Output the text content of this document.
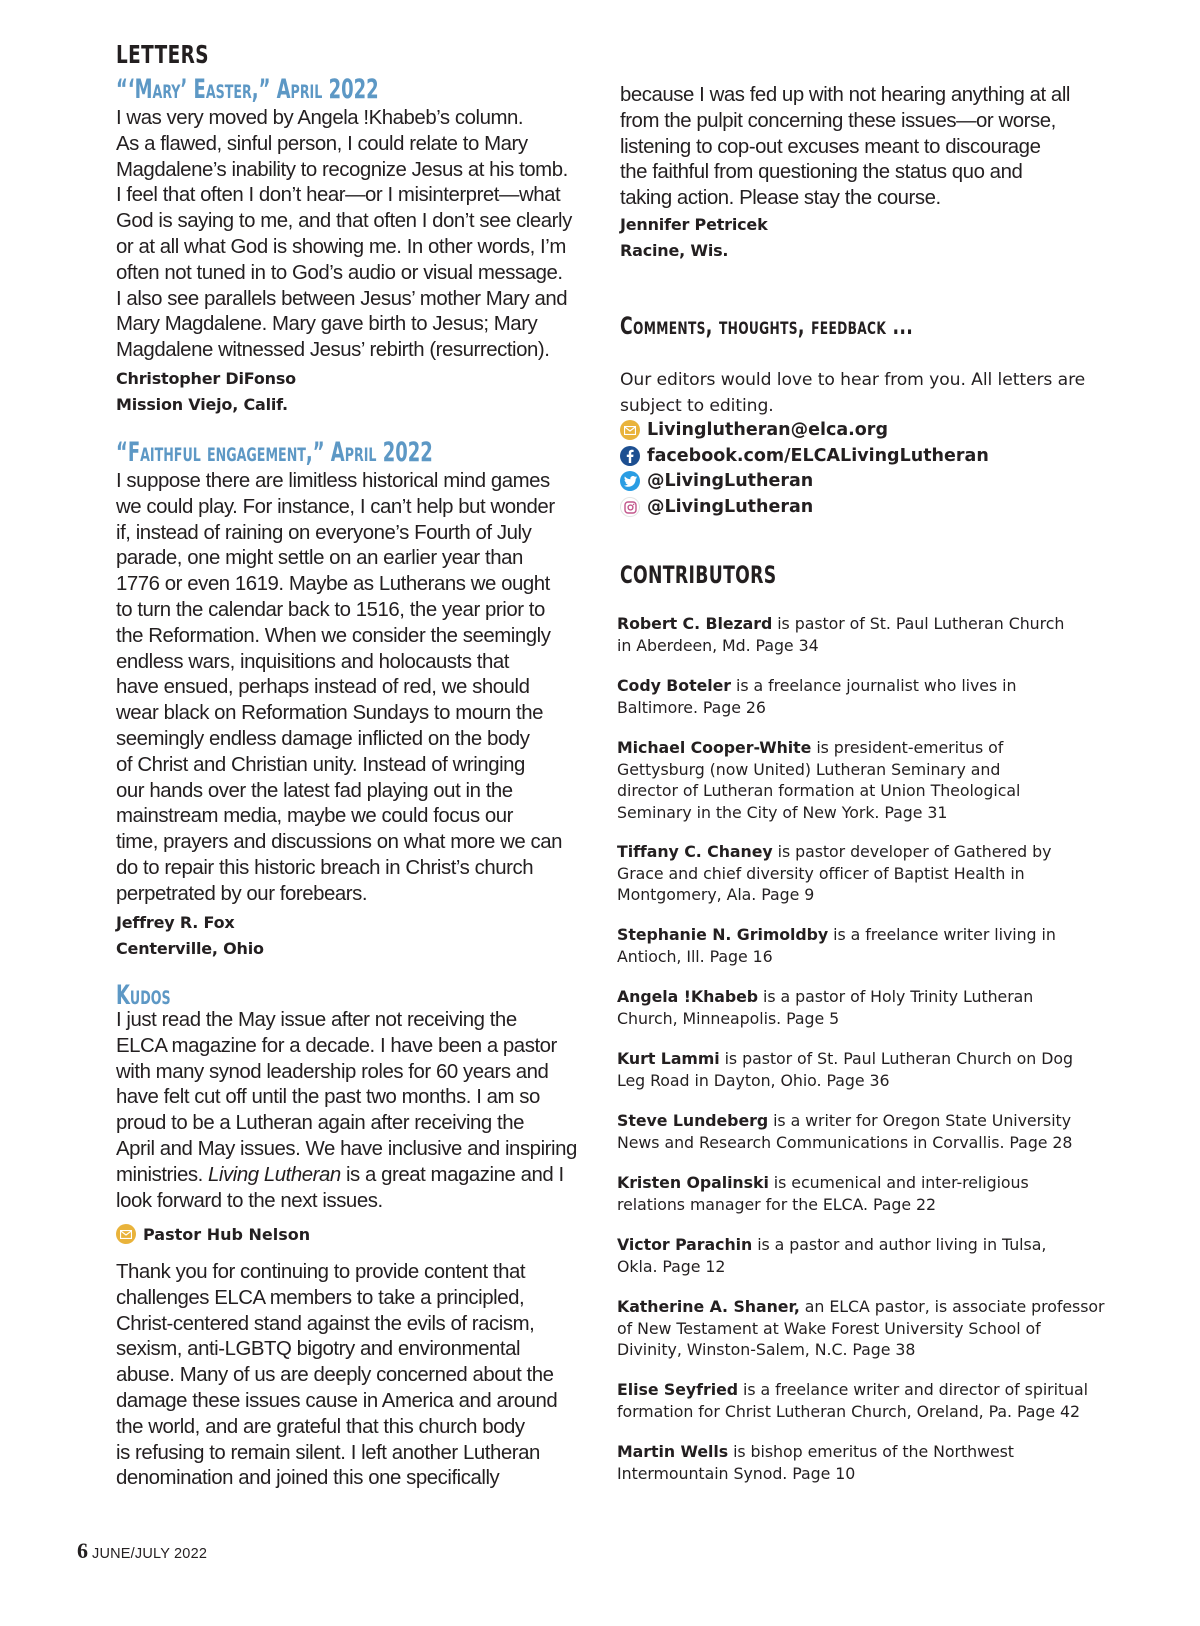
LETTERS
“‘Mary’ Easter,” April 2022
I was very moved by Angela !Khabeb’s column.
As a flawed, sinful person, I could relate to Mary
Magdalene’s inability to recognize Jesus at his tomb.
I feel that often I don’t hear—or I misinterpret—what
God is saying to me, and that often I don’t see clearly
or at all what God is showing me. In other words, I’m
often not tuned in to God’s audio or visual message.
I also see parallels between Jesus’ mother Mary and
Mary Magdalene. Mary gave birth to Jesus; Mary
Magdalene witnessed Jesus’ rebirth (resurrection).
Christopher DiFonso
Mission Viejo, Calif.
“Faithful engagement,” April 2022
I suppose there are limitless historical mind games
we could play. For instance, I can’t help but wonder
if, instead of raining on everyone’s Fourth of July
parade, one might settle on an earlier year than
1776 or even 1619. Maybe as Lutherans we ought
to turn the calendar back to 1516, the year prior to
the Reformation. When we consider the seemingly
endless wars, inquisitions and holocausts that
have ensued, perhaps instead of red, we should
wear black on Reformation Sundays to mourn the
seemingly endless damage inflicted on the body
of Christ and Christian unity. Instead of wringing
our hands over the latest fad playing out in the
mainstream media, maybe we could focus our
time, prayers and discussions on what more we can
do to repair this historic breach in Christ’s church
perpetrated by our forebears.
Jeffrey R. Fox
Centerville, Ohio
Kudos
I just read the May issue after not receiving the
ELCA magazine for a decade. I have been a pastor
with many synod leadership roles for 60 years and
have felt cut off until the past two months. I am so
proud to be a Lutheran again after receiving the
April and May issues. We have inclusive and inspiring
ministries. Living Lutheran is a great magazine and I
look forward to the next issues.
Pastor Hub Nelson
Thank you for continuing to provide content that
challenges ELCA members to take a principled,
Christ-centered stand against the evils of racism,
sexism, anti-LGBTQ bigotry and environmental
abuse. Many of us are deeply concerned about the
damage these issues cause in America and around
the world, and are grateful that this church body
is refusing to remain silent. I left another Lutheran
denomination and joined this one specifically
because I was fed up with not hearing anything at all
from the pulpit concerning these issues—or worse,
listening to cop-out excuses meant to discourage
the faithful from questioning the status quo and
taking action. Please stay the course.
Jennifer Petricek
Racine, Wis.
Comments, thoughts, feedback ...
Our editors would love to hear from you. All letters are
subject to editing.
Livinglutheran@elca.org
facebook.com/ELCALivingLutheran
@LivingLutheran
@LivingLutheran
CONTRIBUTORS
Robert C. Blezard is pastor of St. Paul Lutheran Church
in Aberdeen, Md. Page 34
Cody Boteler is a freelance journalist who lives in
Baltimore. Page 26
Michael Cooper-White is president-emeritus of
Gettysburg (now United) Lutheran Seminary and
director of Lutheran formation at Union Theological
Seminary in the City of New York. Page 31
Tiffany C. Chaney is pastor developer of Gathered by
Grace and chief diversity officer of Baptist Health in
Montgomery, Ala. Page 9
Stephanie N. Grimoldby is a freelance writer living in
Antioch, Ill. Page 16
Angela !Khabeb is a pastor of Holy Trinity Lutheran
Church, Minneapolis. Page 5
Kurt Lammi is pastor of St. Paul Lutheran Church on Dog
Leg Road in Dayton, Ohio. Page 36
Steve Lundeberg is a writer for Oregon State University
News and Research Communications in Corvallis. Page 28
Kristen Opalinski is ecumenical and inter-religious
relations manager for the ELCA. Page 22
Victor Parachin is a pastor and author living in Tulsa,
Okla. Page 12
Katherine A. Shaner, an ELCA pastor, is associate professor
of New Testament at Wake Forest University School of
Divinity, Winston-Salem, N.C. Page 38
Elise Seyfried is a freelance writer and director of spiritual
formation for Christ Lutheran Church, Oreland, Pa. Page 42
Martin Wells is bishop emeritus of the Northwest
Intermountain Synod. Page 10
6 JUNE/JULY 2022
